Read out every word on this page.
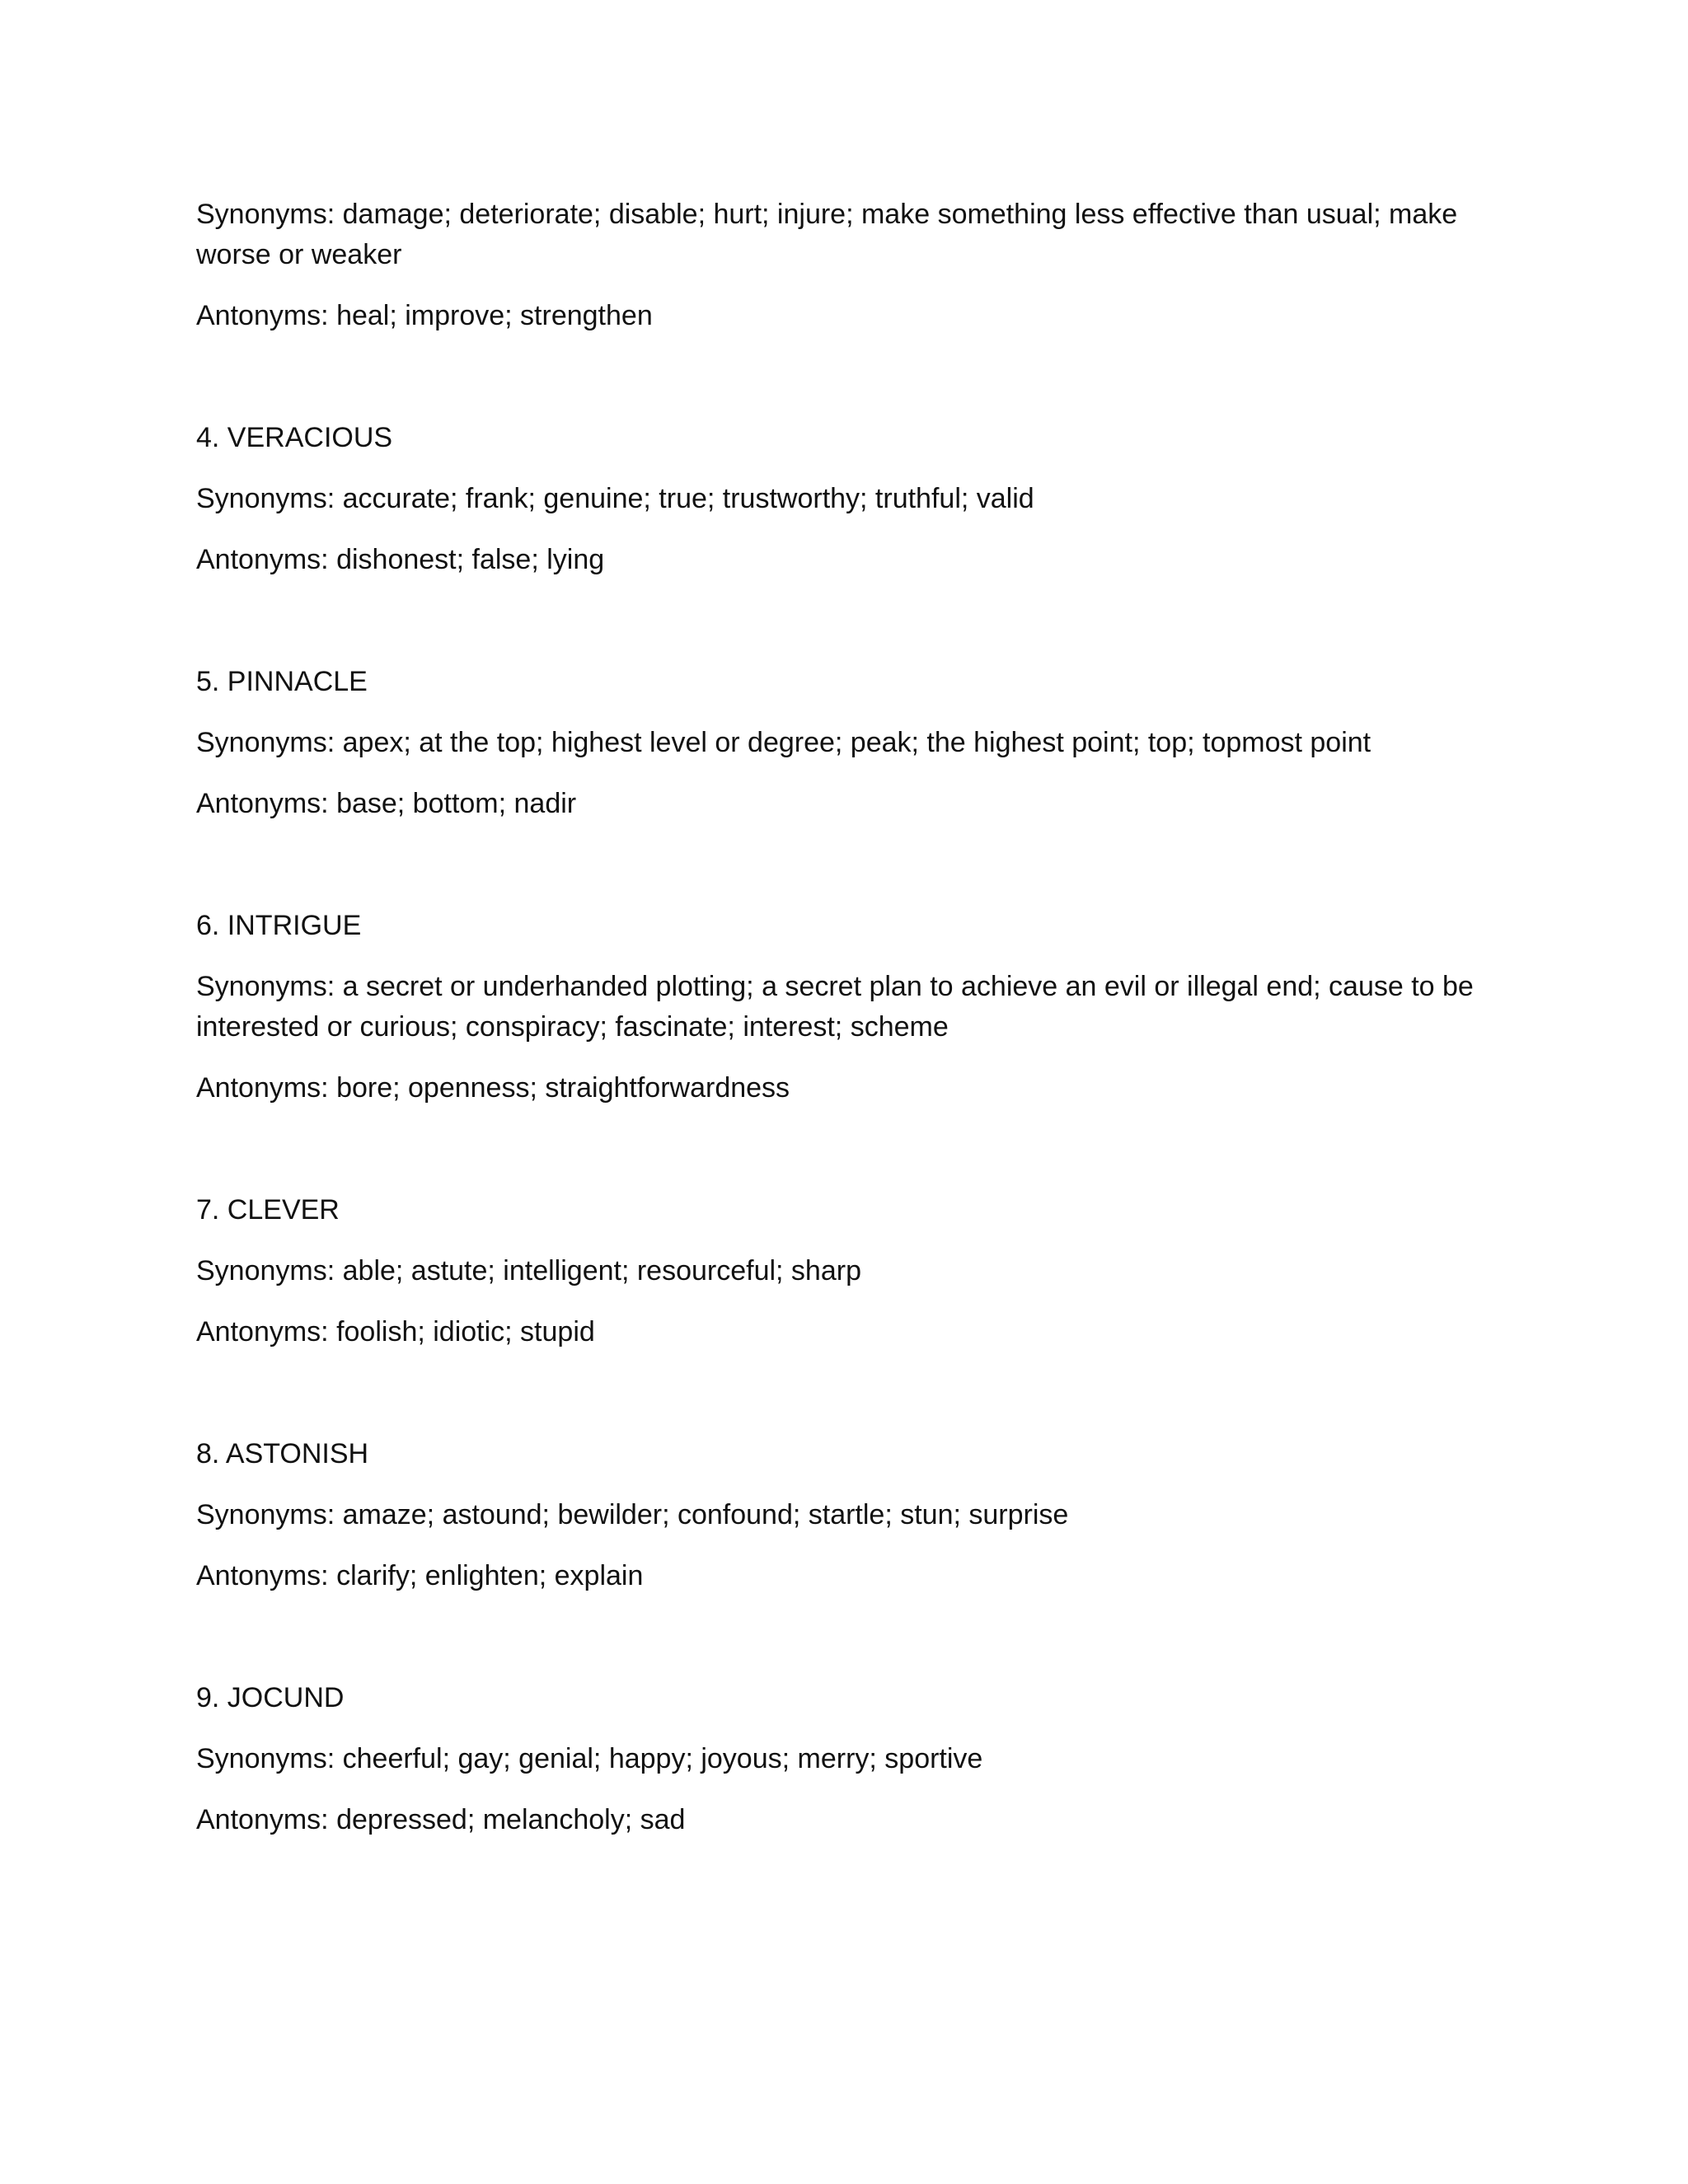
Synonyms: damage; deteriorate; disable; hurt; injure; make something less effective than usual; make worse or weaker

Antonyms: heal; improve; strengthen

4. VERACIOUS

Synonyms: accurate; frank; genuine; true; trustworthy; truthful; valid

Antonyms: dishonest; false; lying

5. PINNACLE

Synonyms: apex; at the top; highest level or degree; peak; the highest point; top; topmost point

Antonyms: base; bottom; nadir

6. INTRIGUE

Synonyms: a secret or underhanded plotting; a secret plan to achieve an evil or illegal end; cause to be interested or curious; conspiracy; fascinate; interest; scheme

Antonyms: bore; openness; straightforwardness

7. CLEVER

Synonyms: able; astute; intelligent; resourceful; sharp

Antonyms: foolish; idiotic; stupid

8. ASTONISH

Synonyms: amaze; astound; bewilder; confound; startle; stun; surprise

Antonyms: clarify; enlighten; explain

9. JOCUND

Synonyms: cheerful; gay; genial; happy; joyous; merry; sportive

Antonyms: depressed; melancholy; sad
